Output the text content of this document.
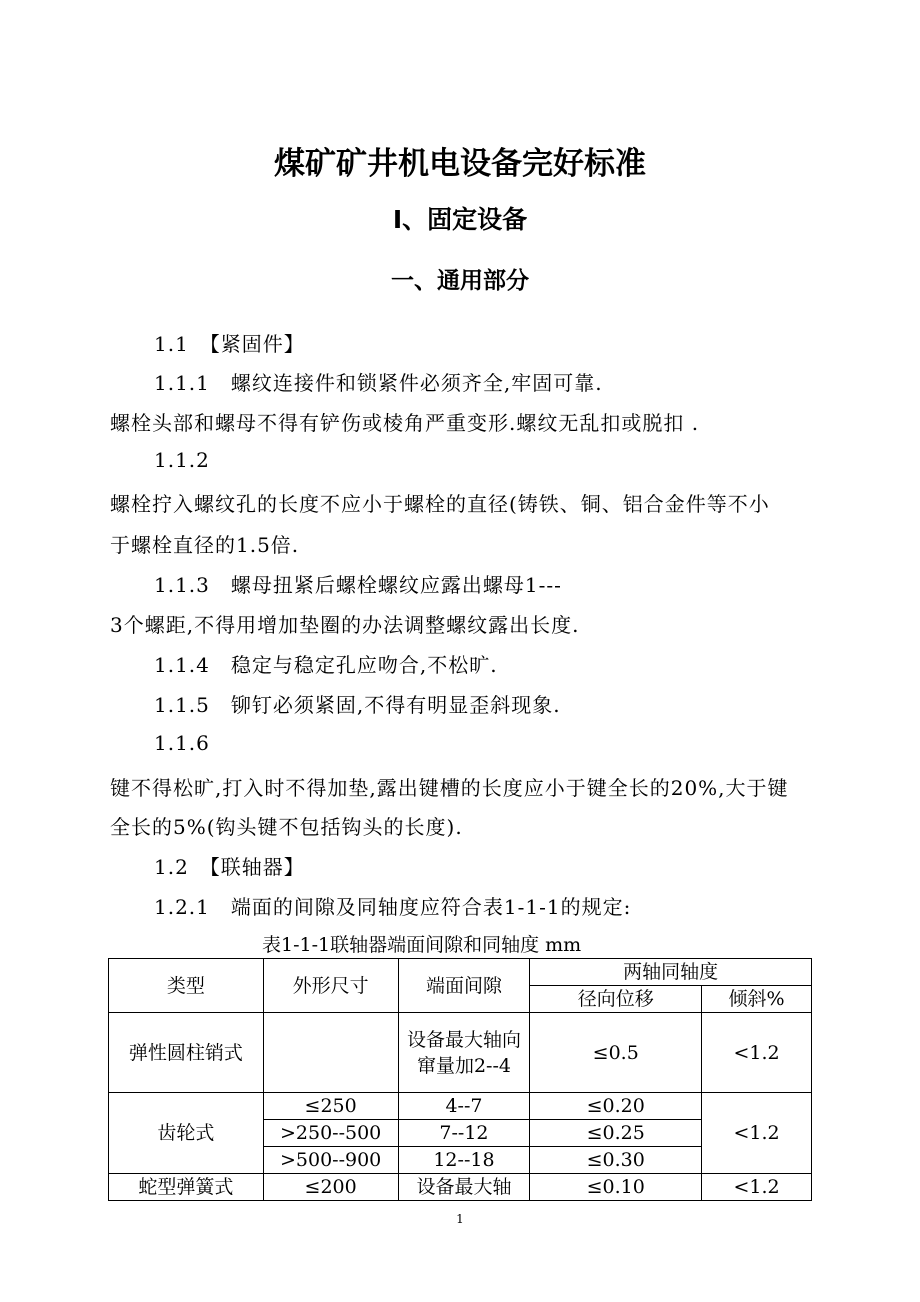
煤矿矿井机电设备完好标准
Ⅰ、固定设备
一、通用部分
1.1　【紧固件】
1.1.1　螺纹连接件和锁紧件必须齐全,牢固可靠.
螺栓头部和螺母不得有铲伤或棱角严重变形.螺纹无乱扣或脱扣 .
1.1.2
螺栓拧入螺纹孔的长度不应小于螺栓的直径(铸铁、铜、铝合金件等不小
于螺栓直径的1.5倍.
1.1.3　螺母扭紧后螺栓螺纹应露出螺母1---
3个螺距,不得用增加垫圈的办法调整螺纹露出长度.
1.1.4　稳定与稳定孔应吻合,不松旷.
1.1.5　铆钉必须紧固,不得有明显歪斜现象.
1.1.6
键不得松旷,打入时不得加垫,露出键槽的长度应小于键全长的20%,大于键
全长的5%(钩头键不包括钩头的长度).
1.2　【联轴器】
1.2.1　端面的间隙及同轴度应符合表1-1-1的规定:
表1-1-1联轴器端面间隙和同轴度 mm
类型	外形尺寸	端面间隙	两轴同轴度	
			径向位移	倾斜%
弹性圆柱销式		设备最大轴向窜量加2--4	≤0.5	<1.2
齿轮式	≤250	4--7	≤0.20	<1.2
	>250--500	7--12	≤0.25	
	>500--900	12--18	≤0.30	
蛇型弹簧式	≤200	设备最大轴	≤0.10	<1.2
1
